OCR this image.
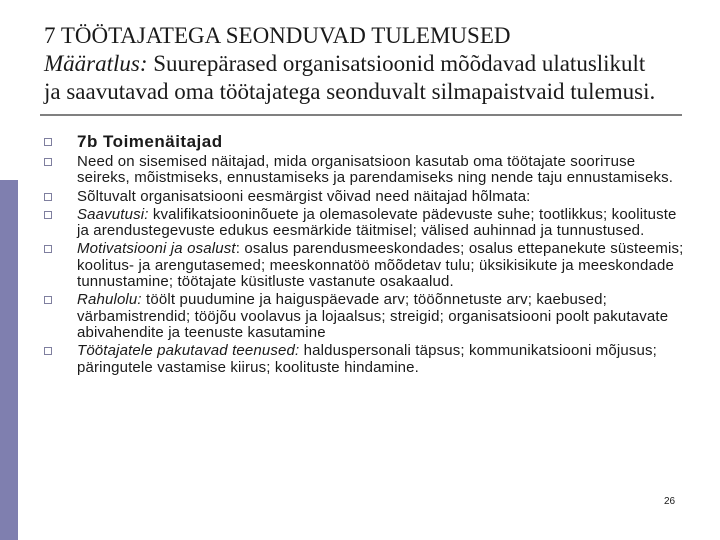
7 TÖÖTAJATEGA SEONDUVAD TULEMUSED
Määratlus: Suurepärased organisatsioonid mõõdavad ulatuslikult
ja saavutavad oma töötajatega seonduvalt silmapaistvaid tulemusi.
7b Toimenäitajad
Need on sisemised näitajad, mida organisatsioon kasutab oma töötajate sooriтuse seireks, mõistmiseks, ennustamiseks ja parendamiseks ning nende taju ennustamiseks.
Sõltuvalt organisatsiooni eesmärgist võivad need näitajad hõlmata:
Saavutusi: kvalifikatsiooninõuete ja olemasolevate pädevuste suhe; tootlikkus; koolituste ja arendustegevuste edukus eesmärkide täitmisel; välised auhinnad ja tunnustused.
Motivatsiooni ja osalust: osalus parendusmeeskondades; osalus ettepanekute süsteemis; koolitus- ja arengutasemed; meeskonnatöö mõõdetav tulu; üksikisikute ja meeskondade tunnustamine; töötajate küsitluste vastanute osakaalud.
Rahulolu: töölt puudumine ja haiguspäevade arv; tööõnnetuste arv; kaebused; värbamistrendid; tööjõu voolavus ja lojaalsus; streigid; organisatsiooni poolt pakutavate abivahendite ja teenuste kasutamine
Töötajatele pakutavad teenused: halduspersonali täpsus; kommunikatsiooni mõjusus; päringutele vastamise kiirus; koolituste hindamine.
26
